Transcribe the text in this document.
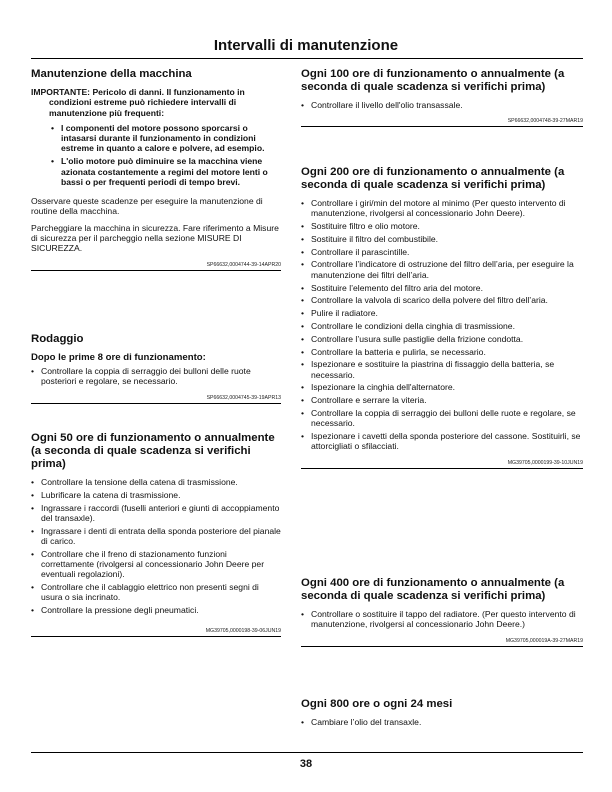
Intervalli di manutenzione
Manutenzione della macchina

IMPORTANTE: Pericolo di danni. Il funzionamento in condizioni estreme può richiedere intervalli di manutenzione più frequenti:

• I componenti del motore possono sporcarsi o intasarsi durante il funzionamento in condizioni estreme in quanto a calore e polvere, ad esempio.
• L'olio motore può diminuire se la macchina viene azionata costantemente a regimi del motore lenti o bassi o per frequenti periodi di tempo brevi.

Osservare queste scadenze per eseguire la manutenzione di routine della macchina.

Parcheggiare la macchina in sicurezza. Fare riferimento a Misure di sicurezza per il parcheggio nella sezione MISURE DI SICUREZZA.

SP66632,0004744-39-14APR20
Rodaggio
Dopo le prime 8 ore di funzionamento:
• Controllare la coppia di serraggio dei bulloni delle ruote posteriori e regolare, se necessario.
SP66632,0004745-39-19APR13
Ogni 50 ore di funzionamento o annualmente (a seconda di quale scadenza si verifichi prima)
• Controllare la tensione della catena di trasmissione.
• Lubrificare la catena di trasmissione.
• Ingrassare i raccordi (fuselli anteriori e giunti di accoppiamento del transaxle).
• Ingrassare i denti di entrata della sponda posteriore del pianale di carico.
• Controllare che il freno di stazionamento funzioni correttamente (rivolgersi al concessionario John Deere per eventuali regolazioni).
• Controllare che il cablaggio elettrico non presenti segni di usura o sia incrinato.
• Controllare la pressione degli pneumatici.
MG39705,0000198-39-06JUN19
Ogni 100 ore di funzionamento o annualmente (a seconda di quale scadenza si verifichi prima)
• Controllare il livello dell'olio transassale.
SP66632,0004748-39-27MAR19
Ogni 200 ore di funzionamento o annualmente (a seconda di quale scadenza si verifichi prima)
• Controllare i giri/min del motore al minimo (Per questo intervento di manutenzione, rivolgersi al concessionario John Deere).
• Sostituire filtro e olio motore.
• Sostituire il filtro del combustibile.
• Controllare il parascintille.
• Controllare l’indicatore di ostruzione del filtro dell’aria, per eseguire la manutenzione dei filtri dell’aria.
• Sostituire l’elemento del filtro aria del motore.
• Controllare la valvola di scarico della polvere del filtro dell’aria.
• Pulire il radiatore.
• Controllare le condizioni della cinghia di trasmissione.
• Controllare l’usura sulle pastiglie della frizione condotta.
• Controllare la batteria e pulirla, se necessario.
• Ispezionare e sostituire la piastrina di fissaggio della batteria, se necessario.
• Ispezionare la cinghia dell'alternatore.
• Controllare e serrare la viteria.
• Controllare la coppia di serraggio dei bulloni delle ruote e regolare, se necessario.
• Ispezionare i cavetti della sponda posteriore del cassone. Sostituirli, se attorcigliati o sfilacciati.
MG39705,0000199-39-10JUN19
Ogni 400 ore di funzionamento o annualmente (a seconda di quale scadenza si verifichi prima)
• Controllare o sostituire il tappo del radiatore. (Per questo intervento di manutenzione, rivolgersi al concessionario John Deere.)
MG39705,000019A-39-27MAR19
Ogni 800 ore o ogni 24 mesi
• Cambiare l’olio del transaxle.
38
